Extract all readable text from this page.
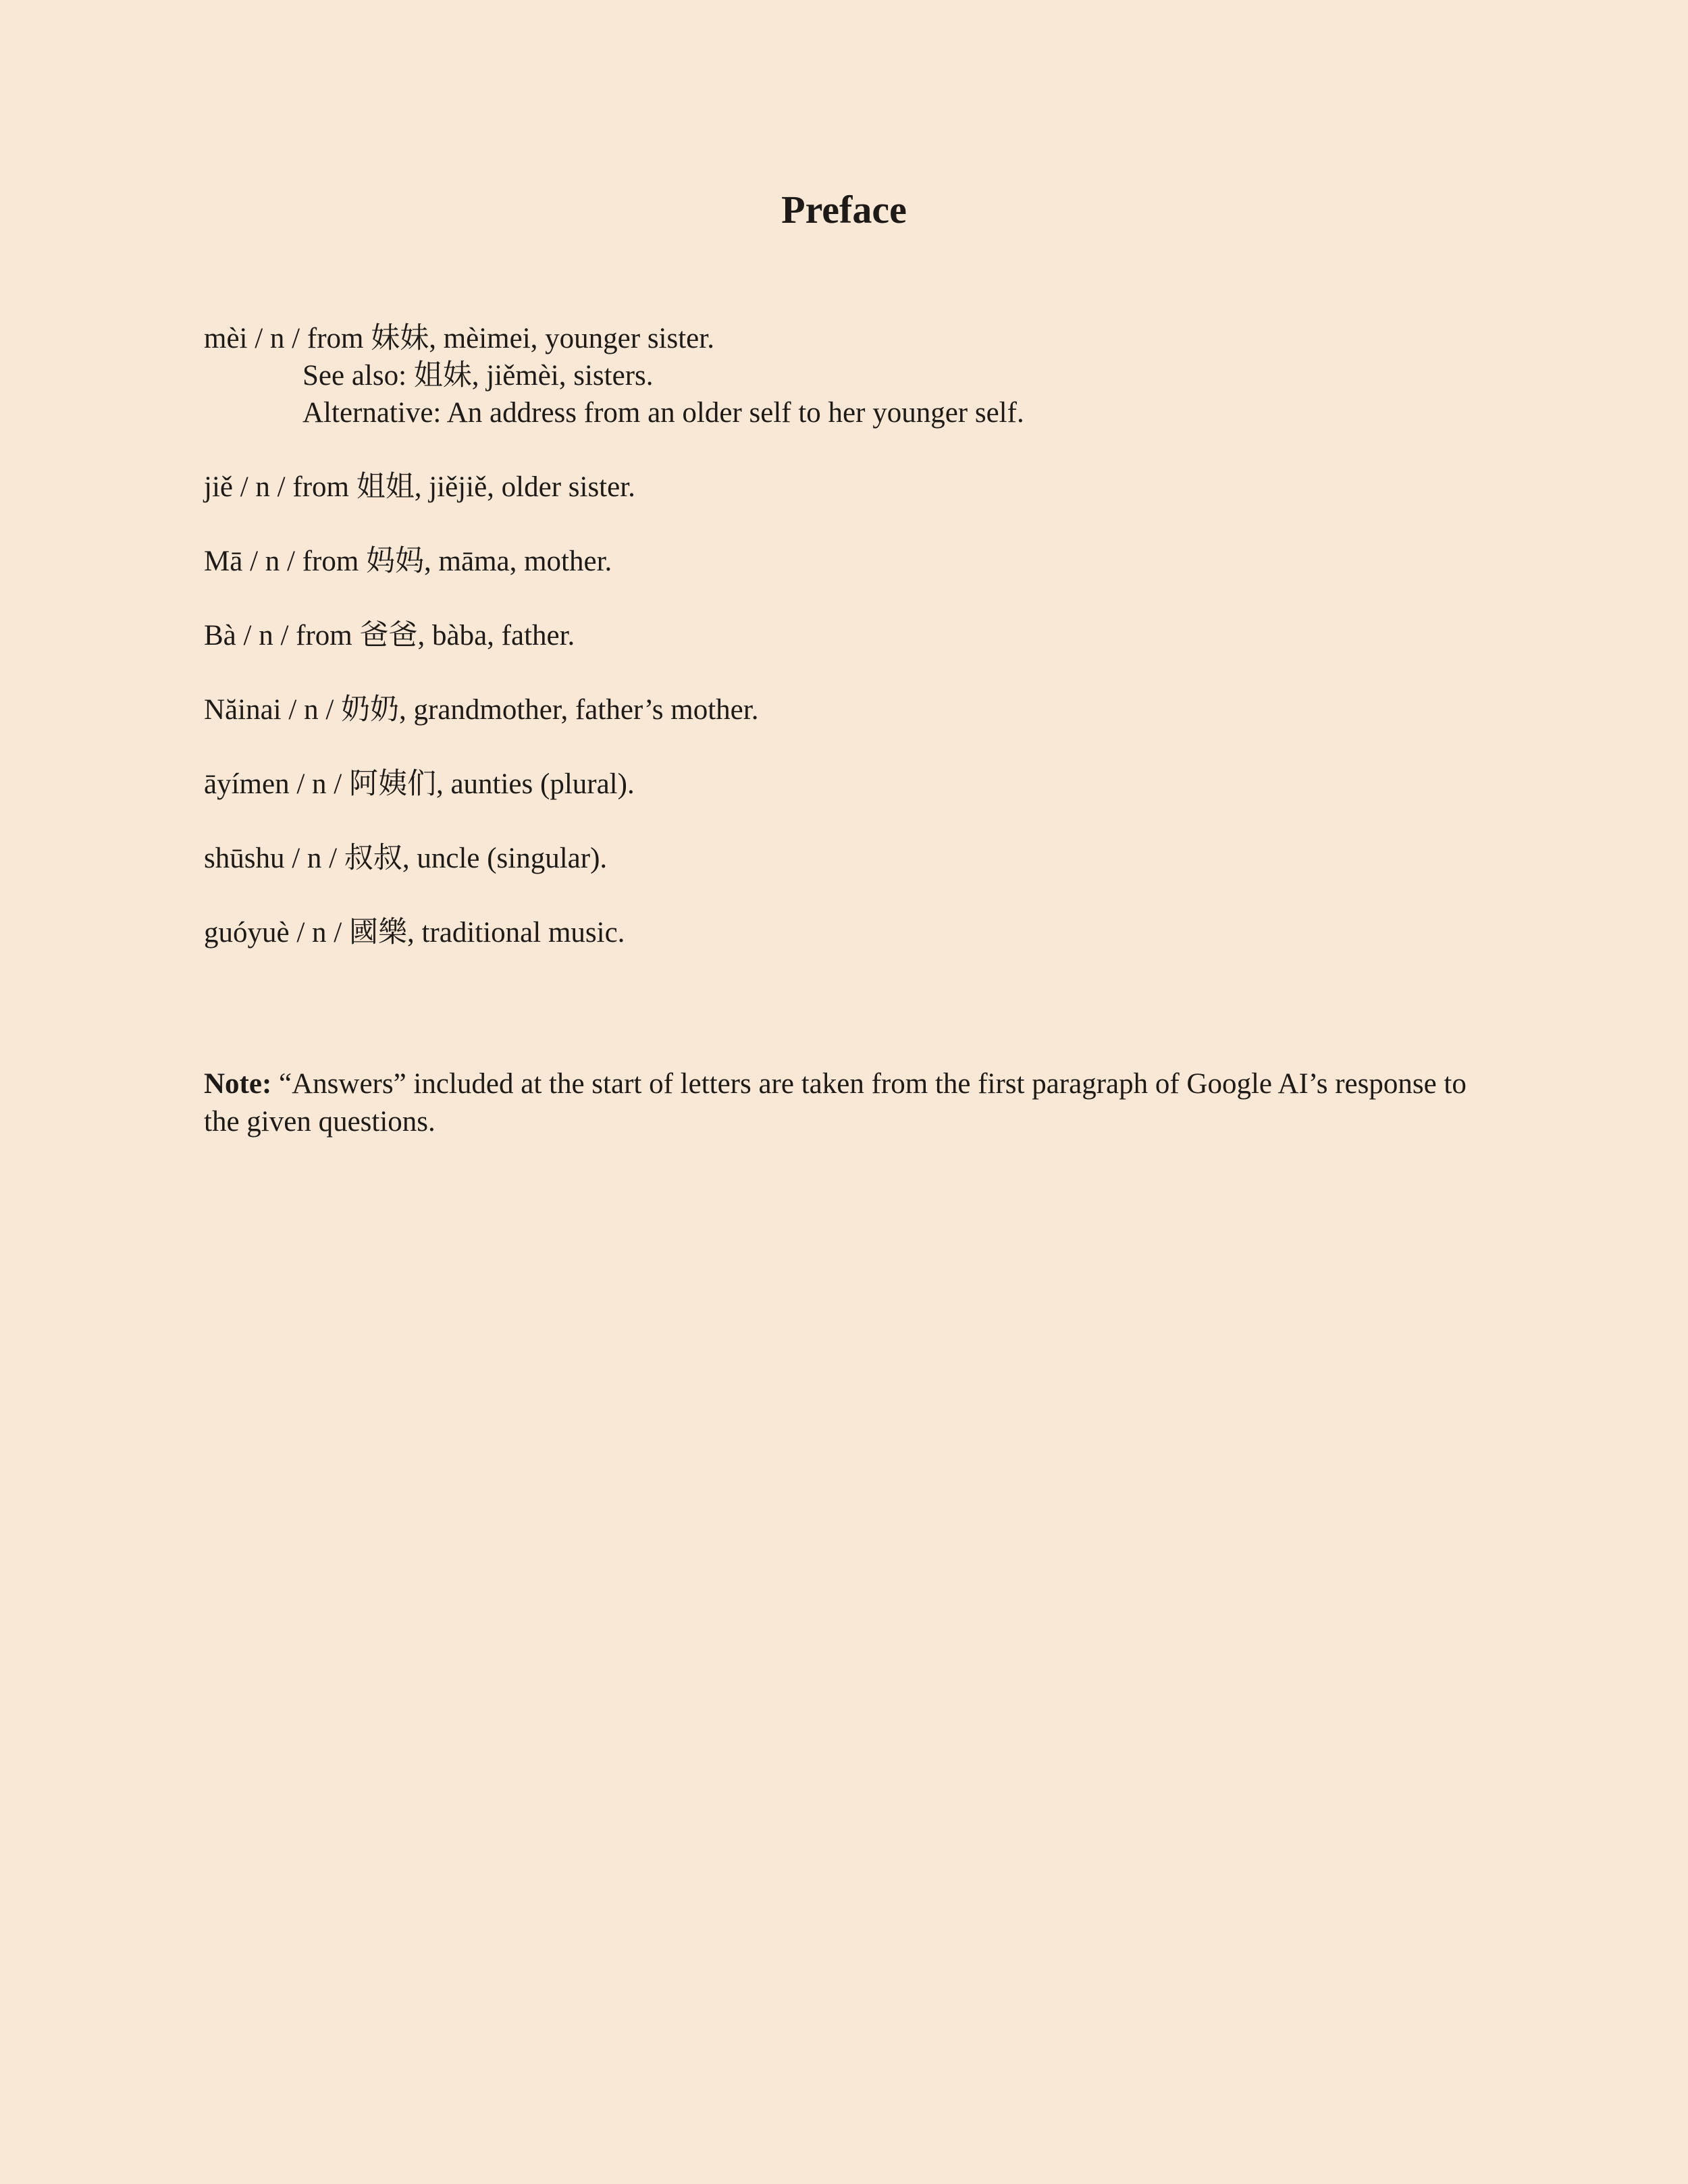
Preface
mèi / n / from 妹妹, mèimei, younger sister.
See also: 姐妹, jiěmèi, sisters.
Alternative: An address from an older self to her younger self.
jiě / n / from 姐姐, jiějiě, older sister.
Mā / n / from 妈妈, māma, mother.
Bà / n / from 爸爸, bàba, father.
Năinai / n / 奶奶, grandmother, father’s mother.
āyímen / n / 阿姨们, aunties (plural).
shūshu / n / 叔叔, uncle (singular).
guóyuè / n / 國樂, traditional music.

Note: “Answers” included at the start of letters are taken from the first paragraph of Google AI’s response to the given questions.
